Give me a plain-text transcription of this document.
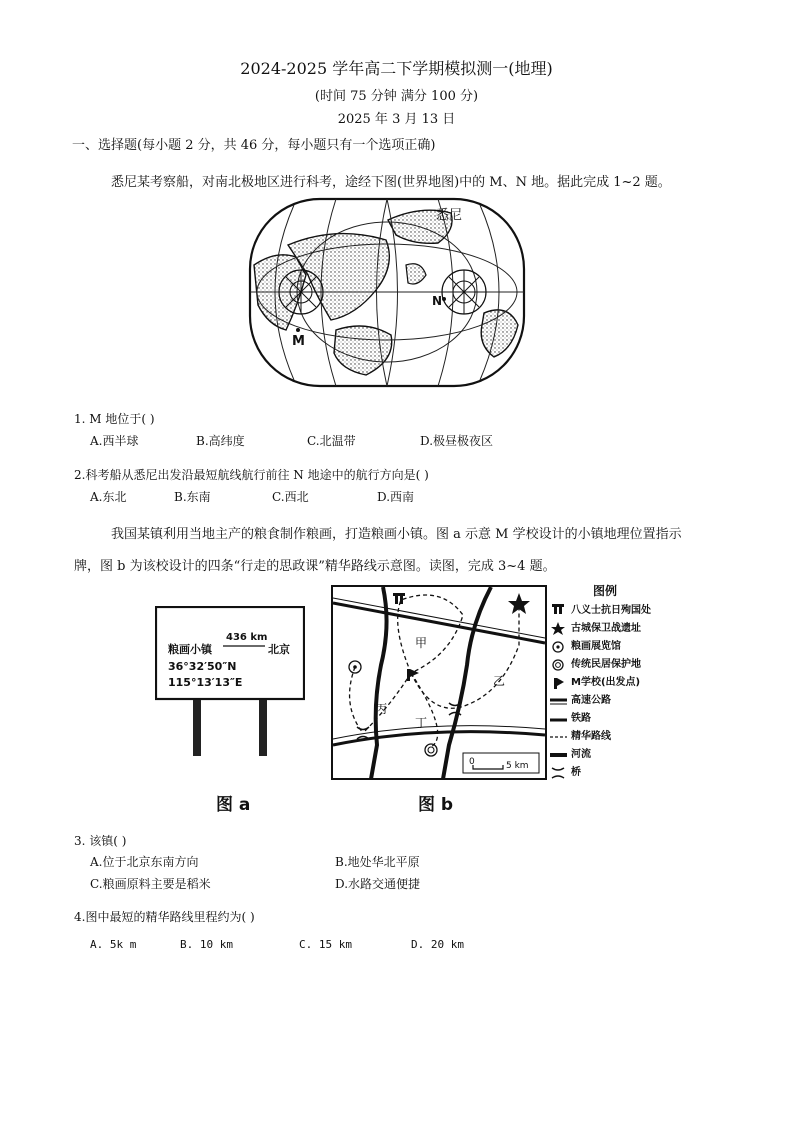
2024-2025 学年高二下学期模拟测一(地理)
(时间 75 分钟 满分 100 分)
2025 年 3 月 13 日
一、选择题(每小题 2 分，共 46 分，每小题只有一个选项正确)
悉尼某考察船，对南北极地区进行科考，途经下图(世界地图)中的 M、N 地。据此完成 1~2 题。
悉尼
M
N
1. M 地位于( )
A.西半球	B.高纬度	C.北温带	D.极昼极夜区
2.科考船从悉尼出发沿最短航线航行前往 N 地途中的航行方向是( )
A.东北	B.东南	C.西北	D.西南
我国某镇利用当地主产的粮食制作粮画，打造粮画小镇。图 a 示意 M 学校设计的小镇地理位置指示
牌，图 b 为该校设计的四条“行走的思政课”精华路线示意图。读图，完成 3~4 题。
粮画小镇
436 km
北京
36°32′50″N
115°13′13″E
图 a
0	5 km
甲
乙
丙
丁
图 b
图例
八义士抗日殉国处
古城保卫战遗址
粮画展览馆
传统民居保护地
M学校(出发点)
高速公路
铁路
精华路线
河流
桥
3. 该镇( )
A.位于北京东南方向	B.地处华北平原
C.粮画原料主要是稻米	D.水路交通便捷
4.图中最短的精华路线里程约为( )
A. 5k m	B. 10 km	C. 15 km	D. 20 km
